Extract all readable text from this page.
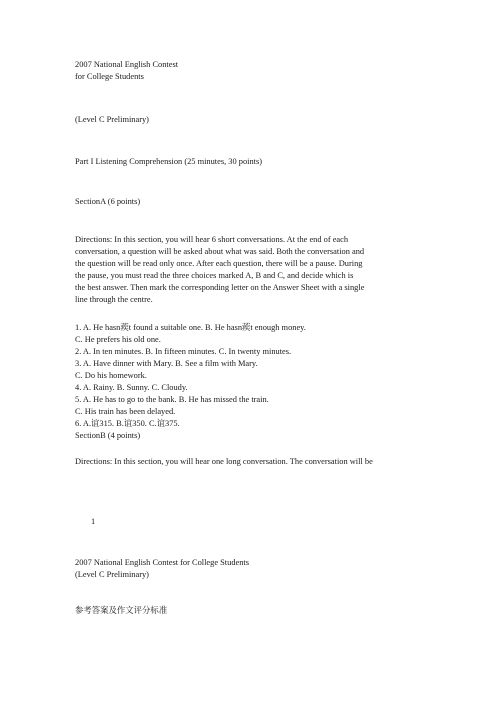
2007 National English Contest
for College Students
(Level C Preliminary)
Part I Listening Comprehension (25 minutes, 30 points)
SectionA (6 points)
Directions: In this section, you will hear 6 short conversations. At the end of each
conversation, a question will be asked about what was said. Both the conversation and
the question will be read only once. After each question, there will be a pause. During
the pause, you must read the three choices marked A, B and C, and decide which is
the best answer. Then mark the corresponding letter on the Answer Sheet with a single
line through the centre.
1. A. He hasn蒺t found a suitable one. B. He hasn蒺t enough money.
C. He prefers his old one.
2. A. In ten minutes. B. In fifteen minutes. C. In twenty minutes.
3. A. Have dinner with Mary. B. See a film with Mary.
C. Do his homework.
4. A. Rainy. B. Sunny. C. Cloudy.
5. A. He has to go to the bank. B. He has missed the train.
C. His train has been delayed.
6. A.谊315. B.谊350. C.谊375.
SectionB (4 points)
Directions: In this section, you will hear one long conversation. The conversation will be
1
2007 National English Contest for College Students
(Level C Preliminary)
参考答案及作文评分标准
